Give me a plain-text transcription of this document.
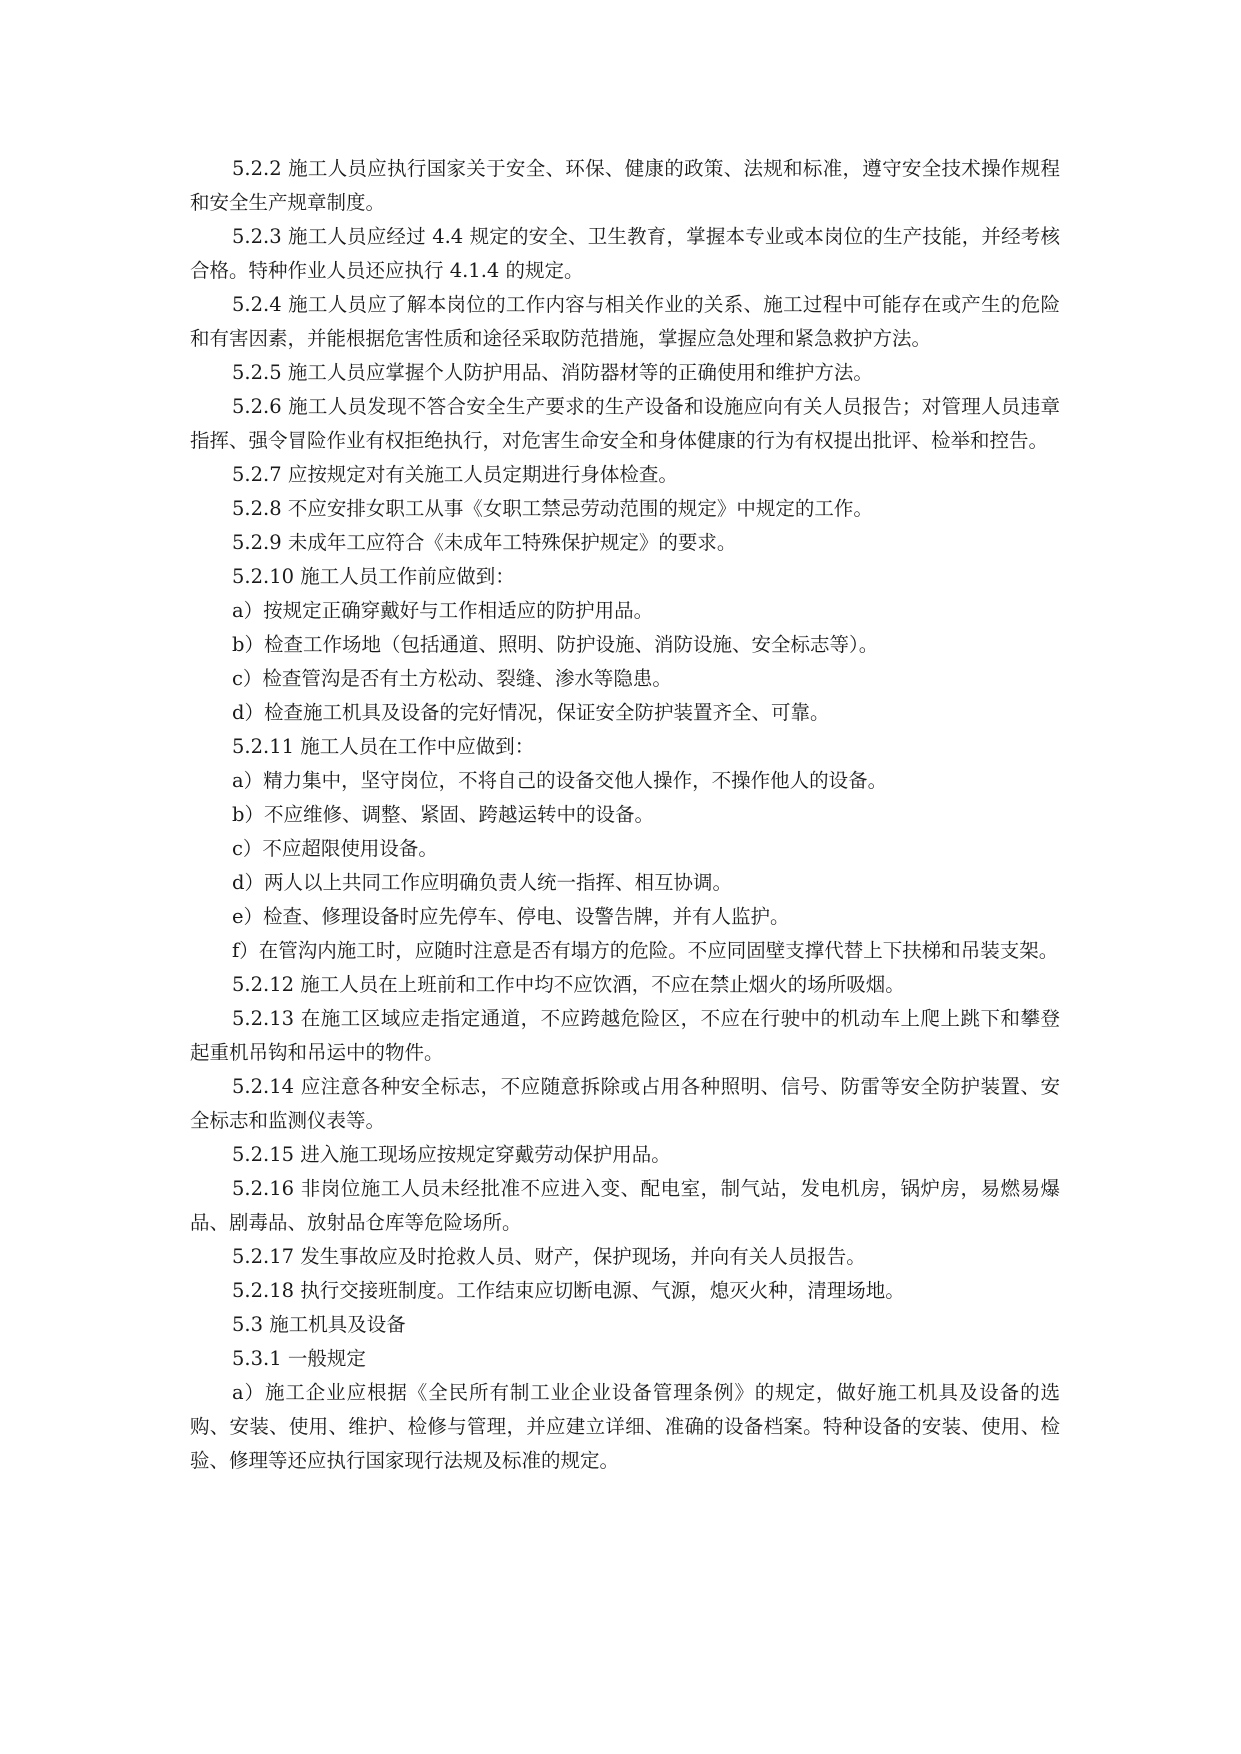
5.2.2 施工人员应执行国家关于安全、环保、健康的政策、法规和标准，遵守安全技术操作规程和安全生产规章制度。

5.2.3 施工人员应经过 4.4 规定的安全、卫生教育，掌握本专业或本岗位的生产技能，并经考核合格。特种作业人员还应执行 4.1.4 的规定。

5.2.4 施工人员应了解本岗位的工作内容与相关作业的关系、施工过程中可能存在或产生的危险和有害因素，并能根据危害性质和途径采取防范措施，掌握应急处理和紧急救护方法。

5.2.5 施工人员应掌握个人防护用品、消防器材等的正确使用和维护方法。

5.2.6 施工人员发现不答合安全生产要求的生产设备和设施应向有关人员报告；对管理人员违章指挥、强令冒险作业有权拒绝执行，对危害生命安全和身体健康的行为有权提出批评、检举和控告。

5.2.7 应按规定对有关施工人员定期进行身体检查。

5.2.8 不应安排女职工从事《女职工禁忌劳动范围的规定》中规定的工作。

5.2.9 未成年工应符合《未成年工特殊保护规定》的要求。

5.2.10 施工人员工作前应做到：

a）按规定正确穿戴好与工作相适应的防护用品。

b）检查工作场地（包括通道、照明、防护设施、消防设施、安全标志等）。

c）检查管沟是否有土方松动、裂缝、渗水等隐患。

d）检查施工机具及设备的完好情况，保证安全防护装置齐全、可靠。

5.2.11 施工人员在工作中应做到：

a）精力集中，坚守岗位，不将自己的设备交他人操作，不操作他人的设备。

b）不应维修、调整、紧固、跨越运转中的设备。

c）不应超限使用设备。

d）两人以上共同工作应明确负责人统一指挥、相互协调。

e）检查、修理设备时应先停车、停电、设警告牌，并有人监护。

f）在管沟内施工时，应随时注意是否有塌方的危险。不应同固壁支撑代替上下扶梯和吊装支架。

5.2.12 施工人员在上班前和工作中均不应饮酒，不应在禁止烟火的场所吸烟。

5.2.13 在施工区域应走指定通道，不应跨越危险区，不应在行驶中的机动车上爬上跳下和攀登起重机吊钩和吊运中的物件。

5.2.14 应注意各种安全标志，不应随意拆除或占用各种照明、信号、防雷等安全防护装置、安全标志和监测仪表等。

5.2.15 进入施工现场应按规定穿戴劳动保护用品。

5.2.16 非岗位施工人员未经批准不应进入变、配电室，制气站，发电机房，锅炉房，易燃易爆品、剧毒品、放射品仓库等危险场所。

5.2.17 发生事故应及时抢救人员、财产，保护现场，并向有关人员报告。

5.2.18 执行交接班制度。工作结束应切断电源、气源，熄灭火种，清理场地。

5.3 施工机具及设备

5.3.1 一般规定

a）施工企业应根据《全民所有制工业企业设备管理条例》的规定，做好施工机具及设备的选购、安装、使用、维护、检修与管理，并应建立详细、准确的设备档案。特种设备的安装、使用、检验、修理等还应执行国家现行法规及标准的规定。
